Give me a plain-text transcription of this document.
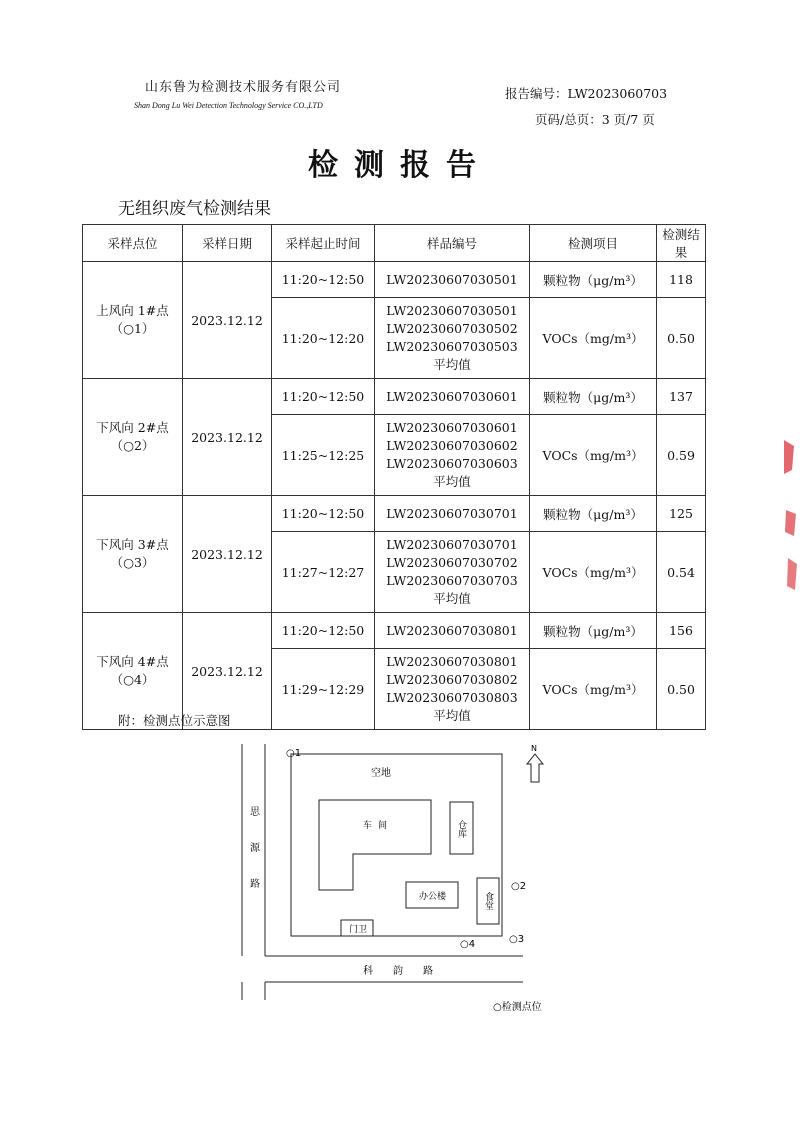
山东鲁为检测技术服务有限公司
Shan Dong Lu Wei Detection Technology Service CO.,LTD
报告编号：LW2023060703
页码/总页：3 页/7 页
检测报告
无组织废气检测结果
采样点位	采样日期	采样起止时间	样品编号	检测项目	检测结果

上风向 1#点
（○1）	2023.12.12	11:20~12:50	LW20230607030501	颗粒物（μg/m³）	118
		11:20~12:20	LW20230607030501
LW20230607030502
LW20230607030503
平均值	VOCs（mg/m³）	0.50

下风向 2#点
（○2）	2023.12.12	11:20~12:50	LW20230607030601	颗粒物（μg/m³）	137
		11:25~12:25	LW20230607030601
LW20230607030602
LW20230607030603
平均值	VOCs（mg/m³）	0.59

下风向 3#点
（○3）	2023.12.12	11:20~12:50	LW20230607030701	颗粒物（μg/m³）	125
		11:27~12:27	LW20230607030701
LW20230607030702
LW20230607030703
平均值	VOCs（mg/m³）	0.54

下风向 4#点
（○4）	2023.12.12	11:20~12:50	LW20230607030801	颗粒物（μg/m³）	156
		11:29~12:29	LW20230607030801
LW20230607030802
LW20230607030803
平均值	VOCs（mg/m³）	0.50
附：检测点位示意图
○1
○2
○3
○4
空地
车间	仓库
办公楼	食堂
门卫
思源路
科韵路
N
○检测点位
